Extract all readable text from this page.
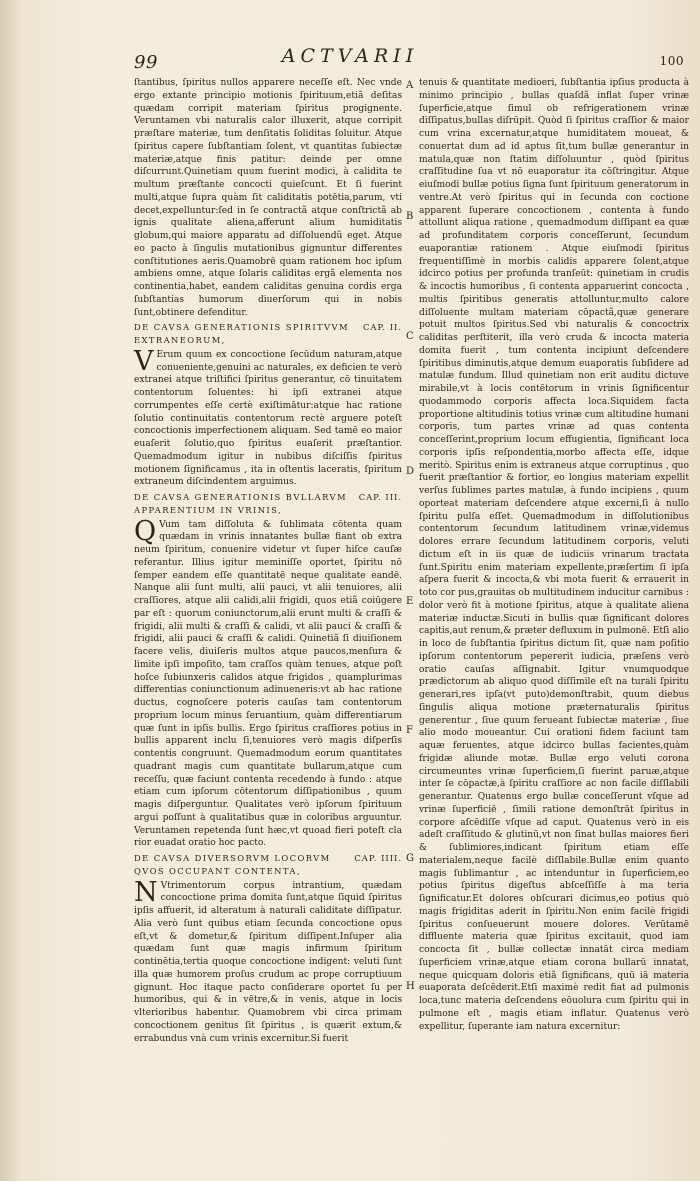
99	ACTVARII	100
A
B
C
D
E
F
G
H

ſtantibus, ſpiritus nullos apparere neceſſe eſt. Nec vnde ergo extante principio motionis ſpirituum,etiã deſitas quædam corripit materiam ſpiritus progignente. Veruntamen vbi naturalis calor illuxerit, atque corripit præſtare materiæ, tum denſitatis ſoliditas ſoluitur. Atque ſpiritus capere ſubſtantiam ſolent, vt quantitas ſubiectæ materiæ,atque finis patitur: deinde per omne diſcurrunt.Quinetiam quum fuerint modici, à calidita te multum præſtante concocti quieſcunt. Et ſi fuerint multi,atque ſupra quàm ſit caliditatis potētia,parum, vti decet,expelluntur:ſed in ſe contractã atque conſtrictã ab ignis qualitate aliena,afferunt alium humiditatis globum,qui maiore apparatu ad diſſoluendũ eget. Atque eo pacto à ſingulis mutationibus gignuntur differentes conſtitutiones aeris.Quamobrē quam rationem hoc ipſum ambiens omne, atque ſolaris caliditas ergã elementa nos continentia,habet, eandem caliditas genuina cordis erga ſubſtantias humorum diuerſorum qui in nobis ſunt,obtinere defenditur.

CAP. II.
DE CAVSA GENERATIONIS SPIRITVVM EXTRANEORUM,

VErum quum ex concoctione ſecūdum naturam,atque conueniente,genuini ac naturales, ex deficien te verò extranei atque triſtifici ſpiritus generantur, cō tinuitatem contentorum ſoluentes: hi ipſi extranei atque corrumpentes eſſe certè exiſtimātur:atque hac ratione ſolutio continuitatis contentorum rectè arguere poteſt concoctionis imperfectionem aliquam. Sed tamē eo maior euaſerit ſolutio,quo ſpiritus euaſerit præſtantior. Quemadmodum igitur in nubibus diſciſſis ſpiritus motionem ſignificamus , ita in oſtentis laceratis, ſpiritum extraneum diſcindentem arguimus.

CAP. III.
DE CAVSA GENERATIONIS BVLLARVM APPARENTIUM IN VRINIS,

QVum tam diſſoluta & ſublimata cōtenta quam quædam in vrinis innatantes bullæ fiant ob extra neum ſpiritum, conuenire videtur vt ſuper hiſce cauſæ referantur. Illius igitur meminiſſe oportet, ſpiritu nō ſemper eandem eſſe quantitatē neque qualitate eandē. Nanque alii ſunt multi, alii pauci, vt alii tenuiores, alii craſſiores, atque alii calidi,alii frigidi, quos etiã coiūgere par eſt : quorum coniunctorum,alii erunt multi & craſſi & frigidi, alii multi & craſſi & calidi, vt alii pauci & craſſi & frigidi, alii pauci & craſſi & calidi. Quinetiã ſi diuiſionem facere velis, diuiſeris multos atque paucos,menſura & limite ipſi impoſito, tam craſſos quàm tenues, atque poſt hoſce ſubiunxeris calidos atque frigidos , quamplurimas differentias coniunctionum adinueneris:vt ab hac ratione ductus, cognoſcere poteris cauſas tam contentorum proprium locum minus ſeruantium, quàm differentiarum quæ ſunt in ipſis bullis. Ergo ſpiritus craſſiores potius in bullis apparent inclu ſi,tenuiores verò magis diſperſis contentis congruunt. Quemadmodum eorum quantitates quadrant magis cum quantitate bullarum,atque cum receſſu, quæ faciunt contenta recedendo à fundo : atque etiam cum ipſorum cōtentorum diſſipationibus , quum magis diſperguntur. Qualitates verò ipſorum ſpirituum argui poſſunt à qualitatibus quæ in coloribus arguuntur. Veruntamen repetenda ſunt hæc,vt quoad fieri poteſt cla rior euadat oratio hoc pacto.

CAP. IIII.
DE CAVSA DIVERSORVM LOCORVM QVOS OCCUPANT CONTENTA,

NVtrimentorum corpus intrantium, quædam concoctione prima domita ſunt,atque ſiquid ſpiritus ipſis affuerit, id alteratum à naturali caliditate diſſipatur. Alia verò ſunt quibus etiam ſecunda concoctione opus eſt,vt & dometur,& ſpiritum diſſipent.Inſuper alia quædam ſunt quæ magis infirmum ſpiritum continētia,tertia quoque concoctione indigent: veluti ſunt illa quæ humorem proſus crudum ac prope corruptiuum gignunt. Hoc itaque pacto conſiderare oportet ſu per humoribus, qui & in vētre,& in venis, atque in locis vlterioribus habentur. Quamobrem vbi circa primam concoctionem genitus ſit ſpiritus , is quærit extum,& errabundus vnà cum vrinis excernitur.Si fuerit

tenuis & quantitate medioeri, ſubſtantia ipſius producta à minimo principio , bullas quaſdã inflat ſuper vrinæ ſuperficie,atque ſimul ob refrigerationem vrinæ diſſipatus,bullas diſrūpit. Quòd ſi ſpiritus craſſior & maior cum vrina excernatur,atque humiditatem moueat, & conuertat dum ad id aptus ſit,tum bullæ generantur in matula,quæ non ſtatim diſſoluuntur , quòd ſpiritus craſſitudine ſua vt nō euaporatur ita cōſtringitur. Atque eiuſmodi bullæ potius ſigna ſunt ſpirituum generatorum in ventre.At verò ſpiritus qui in ſecunda con coctione apparent ſuperare concoctionem , contenta à fundo attollunt aliqua ratione , quemadmodum diſſipant ea quæ ad profunditatem corporis conceſſerunt, ſecundum euaporantiæ rationem . Atque eiuſmodi ſpiritus frequentiſſimè in morbis calidis apparere ſolent,atque idcirco potius per profunda tranſeūt: quinetiam in crudis & incoctis humoribus , ſi contenta apparuerint concocta , multis ſpiritibus generatis attolluntur,multo calore diſſoluente multam materiam cōpactã,quæ generare potuit multos ſpiritus.Sed vbi naturalis & concoctrix caliditas perſtiterit, illa verò cruda & incocta materia domita fuerit , tum contenta incipiunt deſcendere ſpiritibus diminutis,atque demum euaporatis ſubſidere ad matulæ fundum. Illud quinetiam non erit auditu dictuve mirabile,vt à locis contētorum in vrinis ſignificentur quodammodo corporis affecta loca.Siquidem facta proportione altitudinis totius vrinæ cum altitudine humani corporis, tum partes vrinæ ad quas contenta conceſſerint,proprium locum effugientia, ſignificant loca corporis ipſis reſpondentia,morbo affecta eſſe, idque meritò. Spiritus enim is extraneus atque corruptinus , quo fuerit præſtantior & fortior, eo longius materiam expellit verſus ſublimes partes matulæ, à fundo incipiens , quum oporteat materiam deſcendere atque excerni,ſi à nullo ſpiritu pulſa eſſet. Quemadmodum in diſſolutionibus contentorum ſecundum latitudinem vrinæ,videmus dolores errare ſecundum latitudinem corporis, veluti dictum eſt in iis quæ de iudiciis vrinarum tractata ſunt.Spiritu enim materiam expellente,præſertim ſi ipſa aſpera fuerit & incocta,& vbi mota fuerit & errauerit in toto cor pus,grauitas ob multitudinem inducitur carnibus : dolor verò fit à motione ſpiritus, atque à qualitate aliena materiæ inductæ.Sicuti in bullis quæ ſignificant dolores capitis,aut renum,& præter defluxum in pulmonē. Etſi alio in loco de ſubſtantia ſpiritus dictum ſit, quæ nam poſitio ipſorum contentorum pepererit iudicia, præſens verò oratio cauſas aſſignabit. Igitur vnumquodque prædictorum ab aliquo quod diſſimile eſt na turali ſpiritu generari,res ipſa(vt puto)demonſtrabit, quum diebus ſingulis aliqua motione præternaturalis ſpiritus generentur , ſiue quum ferueant ſubiectæ materiæ , ſiue alio modo moueantur. Cui orationi fidem faciunt tam aquæ feruentes, atque idcirco bullas facientes,quàm frigidæ aliunde motæ. Bullæ ergo veluti corona circumeuntes vrinæ ſuperficiem,ſi fuerint paruæ,atque inter ſe cōpactæ,à ſpiritu craſſiore ac non facile diſſlabili generantur. Quatenus ergo bullæ conceſſerunt vſque ad vrinæ ſuperficiē , ſimili ratione demonſtrāt ſpiritus in corpore aſcēdiſſe vſque ad caput. Quatenus verò in eis adeſt craſſitudo & glutinū,vt non ſinat bullas maiores fieri & ſublimiores,indicant ſpiritum etiam eſſe materialem,neque facilè diſſlabile.Bullæ enim quanto magis ſublimantur , ac intenduntur in ſuperficiem,eo potius ſpiritus digeſtus abſceſſiſſe à ma teria ſignificatur.Et dolores obſcurari dicimus,eo potius quò magis frigiditas aderit in ſpiritu.Non enim facilè frigidi ſpiritus conſueuerunt mouere dolores. Verūtamē diffluente materia quæ ſpiritus excitauit, quod iam concocta ſit , bullæ collectæ innatāt circa mediam ſuperficiem vrinæ,atque etiam corona bullarū innatat, neque quicquam doloris etiã ſignificans, quū iā materia euaporata deſcēderit.Etſi maximè redit fiat ad pulmonis loca,tunc materia deſcendens eōuolura cum ſpiritu qui in pulmone eſt , magis etiam inflatur. Quatenus verò expellitur, ſuperante iam natura excernitur:
